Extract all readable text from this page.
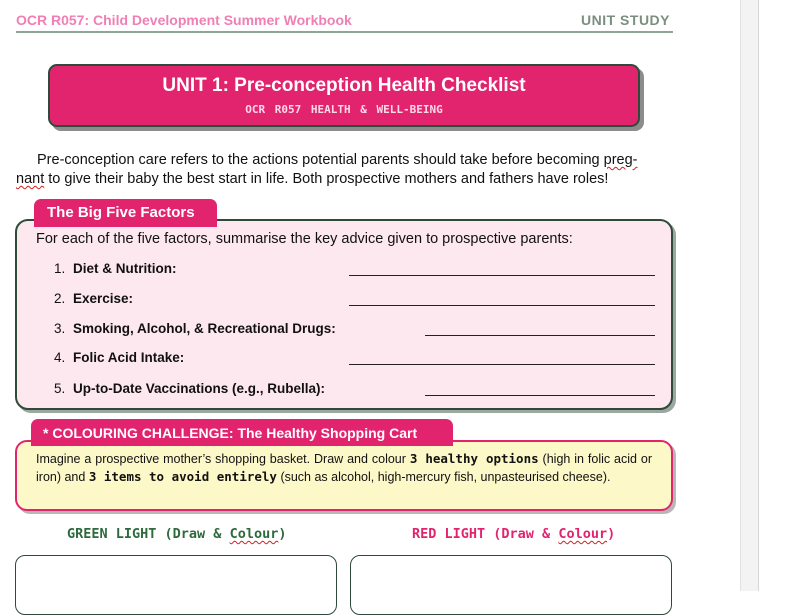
OCR R057: Child Development Summer Workbook	UNIT STUDY
UNIT 1: Pre-conception Health Checklist
OCR R057 HEALTH & WELL-BEING
Pre-conception care refers to the actions potential parents should take before becoming preg-
nant to give their baby the best start in life. Both prospective mothers and fathers have roles!
The Big Five Factors
For each of the five factors, summarise the key advice given to prospective parents:
1. Diet & Nutrition:
2. Exercise:
3. Smoking, Alcohol, & Recreational Drugs:
4. Folic Acid Intake:
5. Up-to-Date Vaccinations (e.g., Rubella):
* COLOURING CHALLENGE: The Healthy Shopping Cart
Imagine a prospective mother’s shopping basket. Draw and colour 3 healthy options (high in folic acid or iron) and 3 items to avoid entirely (such as alcohol, high-mercury fish, unpasteurised cheese).
GREEN LIGHT (Draw & Colour)	RED LIGHT (Draw & Colour)
